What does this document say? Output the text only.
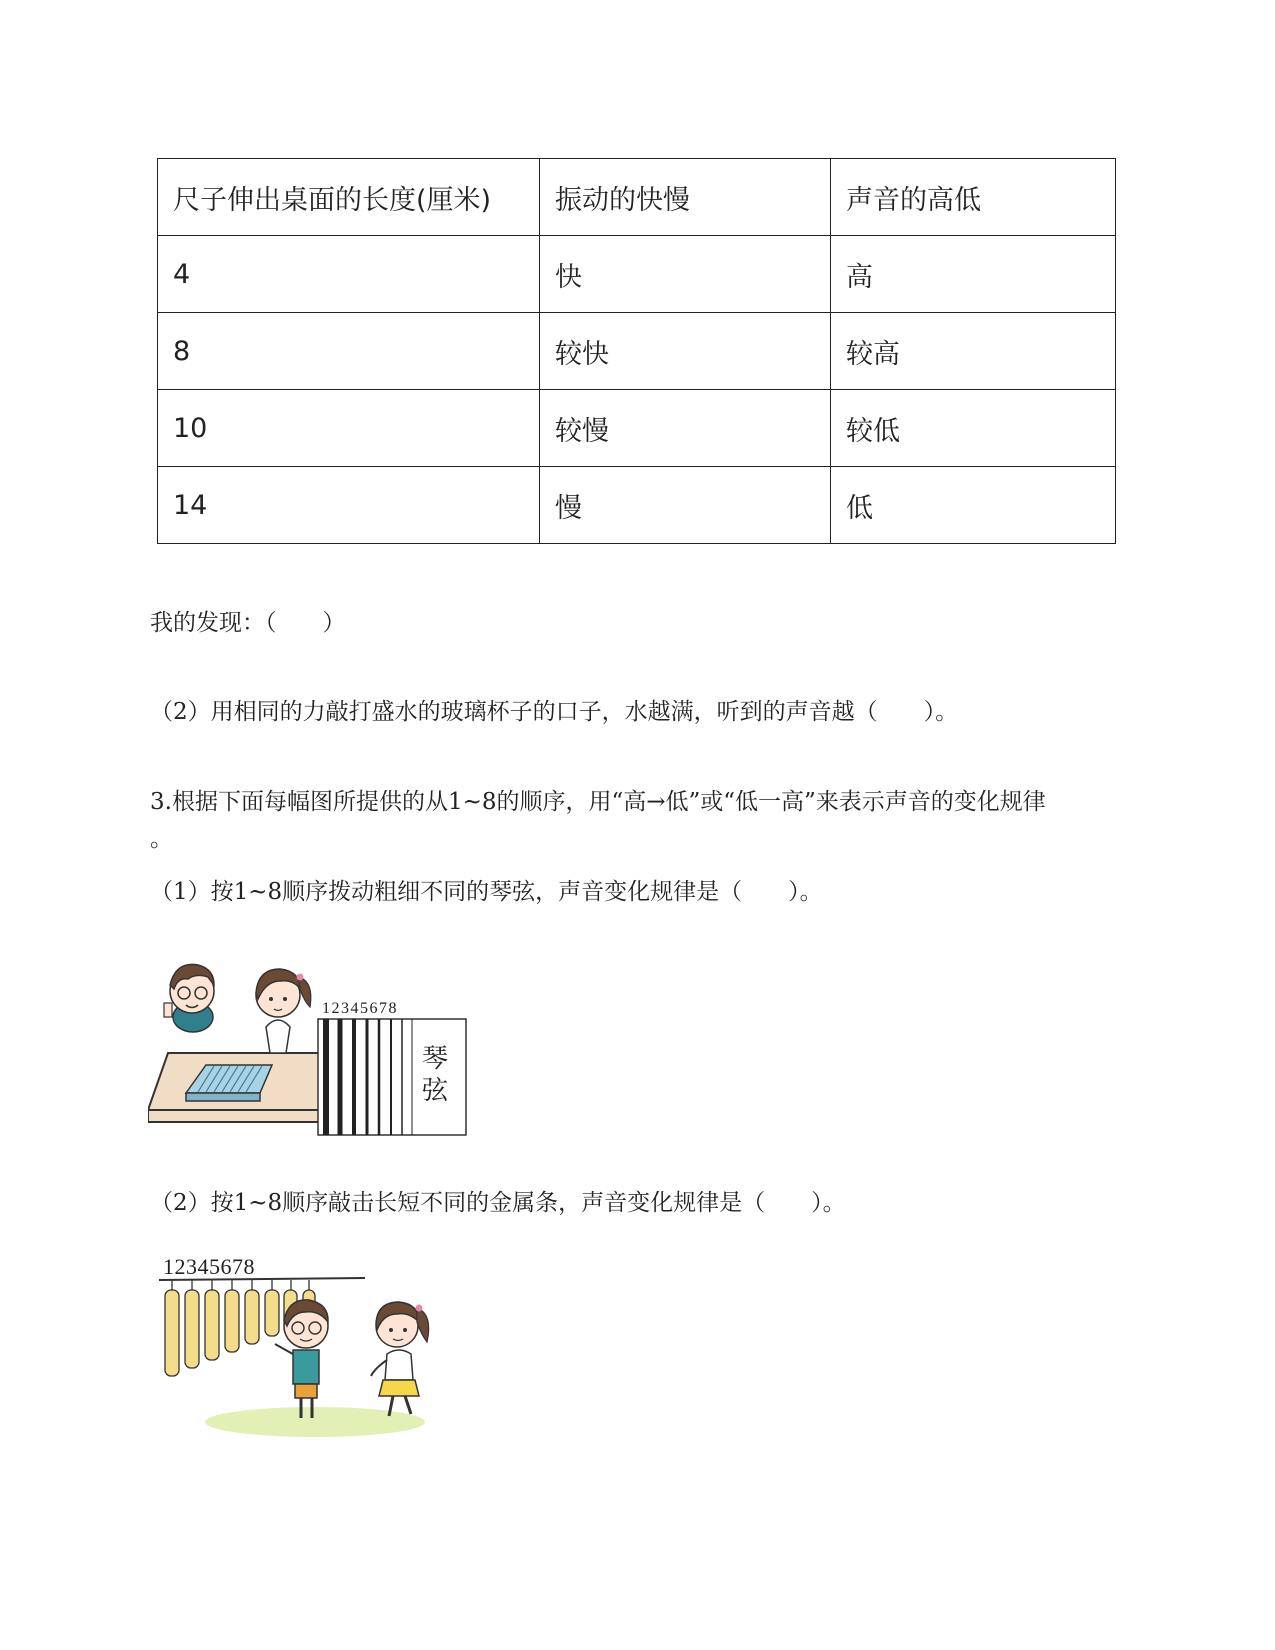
尺子伸出桌面的长度(厘米)	振动的快慢	声音的高低
4	快	高
8	较快	较高
10	较慢	较低
14	慢	低
我的发现：（　　）
（2）用相同的力敲打盛水的玻璃杯子的口子，水越满，听到的声音越（　　）。
3.根据下面每幅图所提供的从1~8的顺序，用“高→低”或“低一高”来表示声音的变化规律
。
（1）按1~8顺序拨动粗细不同的琴弦，声音变化规律是（　　）。
（2）按1~8顺序敲击长短不同的金属条，声音变化规律是（　　）。
12345678
琴
弦
12345678
